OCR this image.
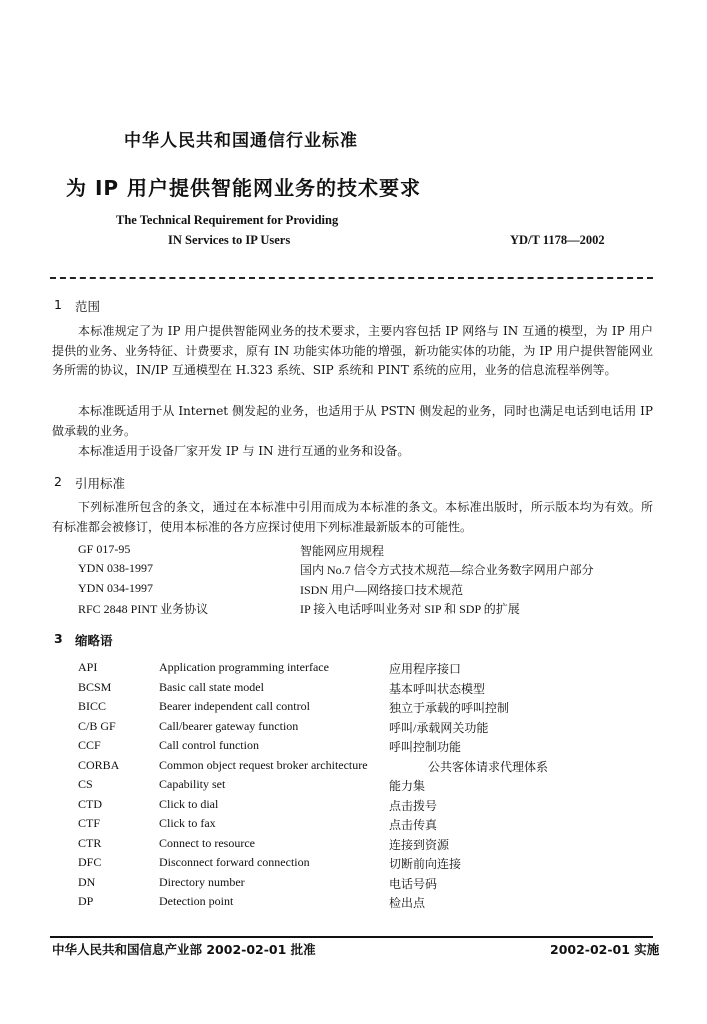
中华人民共和国通信行业标准
为 IP 用户提供智能网业务的技术要求
The Technical Requirement for Providing
IN Services to IP Users	YD/T 1178—2002
1 范围
本标准规定了为 IP 用户提供智能网业务的技术要求，主要内容包括 IP 网络与 IN 互通的模型，为 IP 用户提供的业务、业务特征、计费要求，原有 IN 功能实体功能的增强，新功能实体的功能，为 IP 用户提供智能网业务所需的协议，IN/IP 互通模型在 H.323 系统、SIP 系统和 PINT 系统的应用，业务的信息流程举例等。
本标准既适用于从 Internet 侧发起的业务，也适用于从 PSTN 侧发起的业务，同时也满足电话到电话用 IP 做承载的业务。
本标准适用于设备厂家开发 IP 与 IN 进行互通的业务和设备。
2 引用标准
下列标准所包含的条文，通过在本标准中引用而成为本标准的条文。本标准出版时，所示版本均为有效。所有标准都会被修订，使用本标准的各方应探讨使用下列标准最新版本的可能性。
GF 017-95	智能网应用规程
YDN 038-1997	国内 No.7 信令方式技术规范—综合业务数字网用户部分
YDN 034-1997	ISDN 用户—网络接口技术规范
RFC 2848 PINT 业务协议	IP 接入电话呼叫业务对 SIP 和 SDP 的扩展
3 缩略语
API	Application programming interface	应用程序接口
BCSM	Basic call state model	基本呼叫状态模型
BICC	Bearer independent call control	独立于承载的呼叫控制
C/B GF	Call/bearer gateway function	呼叫/承载网关功能
CCF	Call control function	呼叫控制功能
CORBA	Common object request broker architecture	公共客体请求代理体系
CS	Capability set	能力集
CTD	Click to dial	点击拨号
CTF	Click to fax	点击传真
CTR	Connect to resource	连接到资源
DFC	Disconnect forward connection	切断前向连接
DN	Directory number	电话号码
DP	Detection point	检出点
中华人民共和国信息产业部 2002-02-01 批准	2002-02-01 实施
